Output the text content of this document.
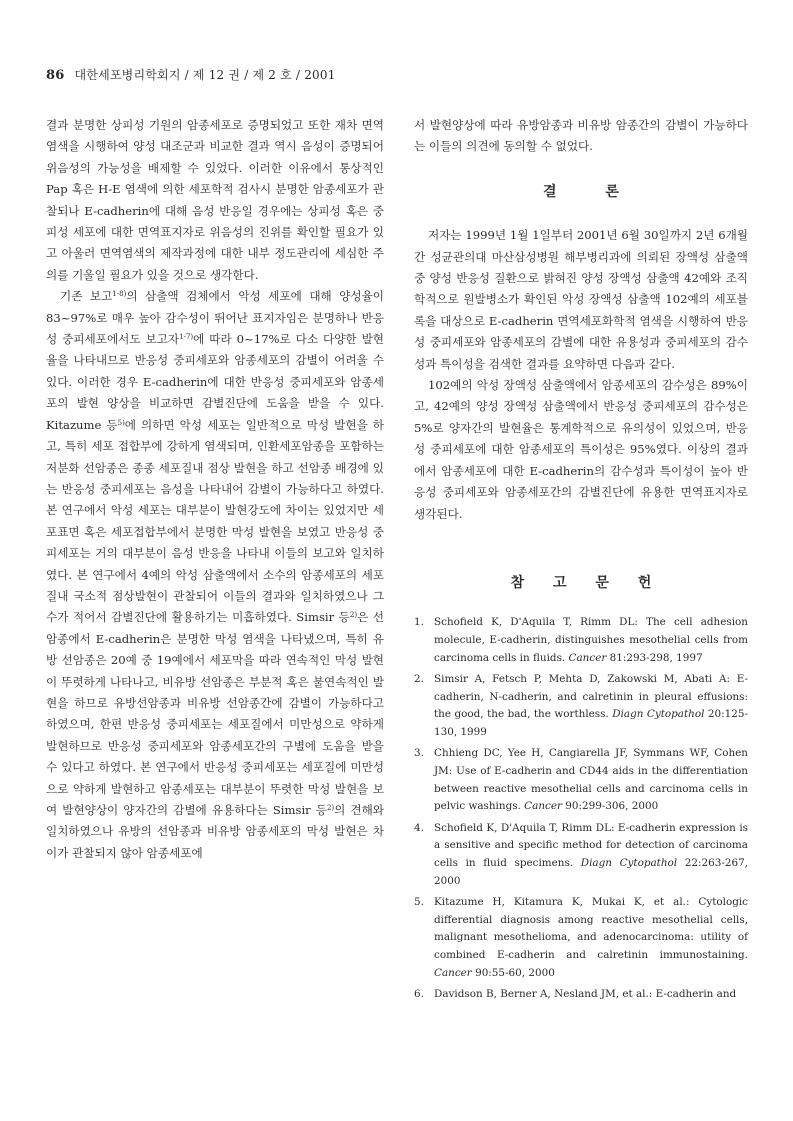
86 대한세포병리학회지 / 제 12 권 / 제 2 호 / 2001

결과 분명한 상피성 기원의 암종세포로 증명되었고 또한 재차 면역염색을 시행하여 양성 대조군과 비교한 결과 역시 음성이 증명되어 위음성의 가능성을 배제할 수 있었다. 이러한 이유에서 통상적인 Pap 혹은 H-E 염색에 의한 세포학적 검사시 분명한 암종세포가 관찰되나 E-cadherin에 대해 음성 반응일 경우에는 상피성 혹은 중피성 세포에 대한 면역표지자로 위음성의 진위를 확인할 필요가 있고 아울러 면역염색의 제작과정에 대한 내부 정도관리에 세심한 주의를 기울일 필요가 있을 것으로 생각한다.

기존 보고$^{1-8)}$의 삼출액 검체에서 악성 세포에 대해 양성율이 83~97%로 매우 높아 감수성이 뛰어난 표지자임은 분명하나 반응성 중피세포에서도 보고자$^{1-7)}$에 따라 0~17%로 다소 다양한 발현율을 나타내므로 반응성 중피세포와 암종세포의 감별이 어려울 수 있다. 이러한 경우 E-cadherin에 대한 반응성 중피세포와 암종세포의 발현 양상을 비교하면 감별진단에 도움을 받을 수 있다. Kitazume 등$^{5)}$에 의하면 악성 세포는 일반적으로 막성 발현을 하고, 특히 세포 접합부에 강하게 염색되며, 인환세포암종을 포함하는 저분화 선암종은 종종 세포질내 점상 발현을 하고 선암종 배경에 있는 반응성 중피세포는 음성을 나타내어 감별이 가능하다고 하였다. 본 연구에서 악성 세포는 대부분이 발현강도에 차이는 있었지만 세포표면 혹은 세포접합부에서 분명한 막성 발현을 보였고 반응성 중피세포는 거의 대부분이 음성 반응을 나타내 이들의 보고와 일치하였다. 본 연구에서 4예의 악성 삼출액에서 소수의 암종세포의 세포질내 국소적 점상발현이 관찰되어 이들의 결과와 일치하였으나 그 수가 적어서 감별진단에 활용하기는 미흡하였다. Simsir 등$^{2)}$은 선암종에서 E-cadherin은 분명한 막성 염색을 나타냈으며, 특히 유방 선암종은 20예 중 19예에서 세포막을 따라 연속적인 막성 발현이 뚜렷하게 나타나고, 비유방 선암종은 부분적 혹은 불연속적인 발현을 하므로 유방선암종과 비유방 선암종간에 감별이 가능하다고 하였으며, 한편 반응성 중피세포는 세포질에서 미만성으로 약하게 발현하므로 반응성 중피세포와 암종세포간의 구별에 도움을 받을 수 있다고 하였다. 본 연구에서 반응성 중피세포는 세포질에 미만성으로 약하게 발현하고 암종세포는 대부분이 뚜렷한 막성 발현을 보여 발현양상이 양자간의 감별에 유용하다는 Simsir 등$^{2)}$의 견해와 일치하였으나 유방의 선암종과 비유방 암종세포의 막성 발현은 차이가 관찰되지 않아 암종세포에

서 발현양상에 따라 유방암종과 비유방 암종간의 감별이 가능하다는 이들의 의견에 동의할 수 없었다.

결 론

저자는 1999년 1월 1일부터 2001년 6월 30일까지 2년 6개월간 성균관의대 마산삼성병원 해부병리과에 의뢰된 장액성 삼출액 중 양성 반응성 질환으로 밝혀진 양성 장액성 삼출액 42예와 조직학적으로 원발병소가 확인된 악성 장액성 삼출액 102예의 세포블록을 대상으로 E-cadherin 면역세포화학적 염색을 시행하여 반응성 중피세포와 암종세포의 감별에 대한 유용성과 중피세포의 감수성과 특이성을 검색한 결과를 요약하면 다음과 같다.

102예의 악성 장액성 삼출액에서 암종세포의 감수성은 89%이고, 42예의 양성 장액성 삼출액에서 반응성 중피세포의 감수성은 5%로 양자간의 발현율은 통계학적으로 유의성이 있었으며, 반응성 중피세포에 대한 암종세포의 특이성은 95%였다. 이상의 결과에서 암종세포에 대한 E-cadherin의 감수성과 특이성이 높아 반응성 중피세포와 암종세포간의 감별진단에 유용한 면역표지자로 생각된다.

참 고 문 헌
1. Schofield K, D'Aquila T, Rimm DL: The cell adhesion molecule, E-cadherin, distinguishes mesothelial cells from carcinoma cells in fluids. Cancer 81:293-298, 1997
2. Simsir A, Fetsch P, Mehta D, Zakowski M, Abati A: E-cadherin, N-cadherin, and calretinin in pleural effusions: the good, the bad, the worthless. Diagn Cytopathol 20:125-130, 1999
3. Chhieng DC, Yee H, Cangiarella JF, Symmans WF, Cohen JM: Use of E-cadherin and CD44 aids in the differentiation between reactive mesothelial cells and carcinoma cells in pelvic washings. Cancer 90:299-306, 2000
4. Schofield K, D'Aquila T, Rimm DL: E-cadherin expression is a sensitive and specific method for detection of carcinoma cells in fluid specimens. Diagn Cytopathol 22:263-267, 2000
5. Kitazume H, Kitamura K, Mukai K, et al.: Cytologic differential diagnosis among reactive mesothelial cells, malignant mesothelioma, and adenocarcinoma: utility of combined E-cadherin and calretinin immunostaining. Cancer 90:55-60, 2000
6. Davidson B, Berner A, Nesland JM, et al.: E-cadherin and
